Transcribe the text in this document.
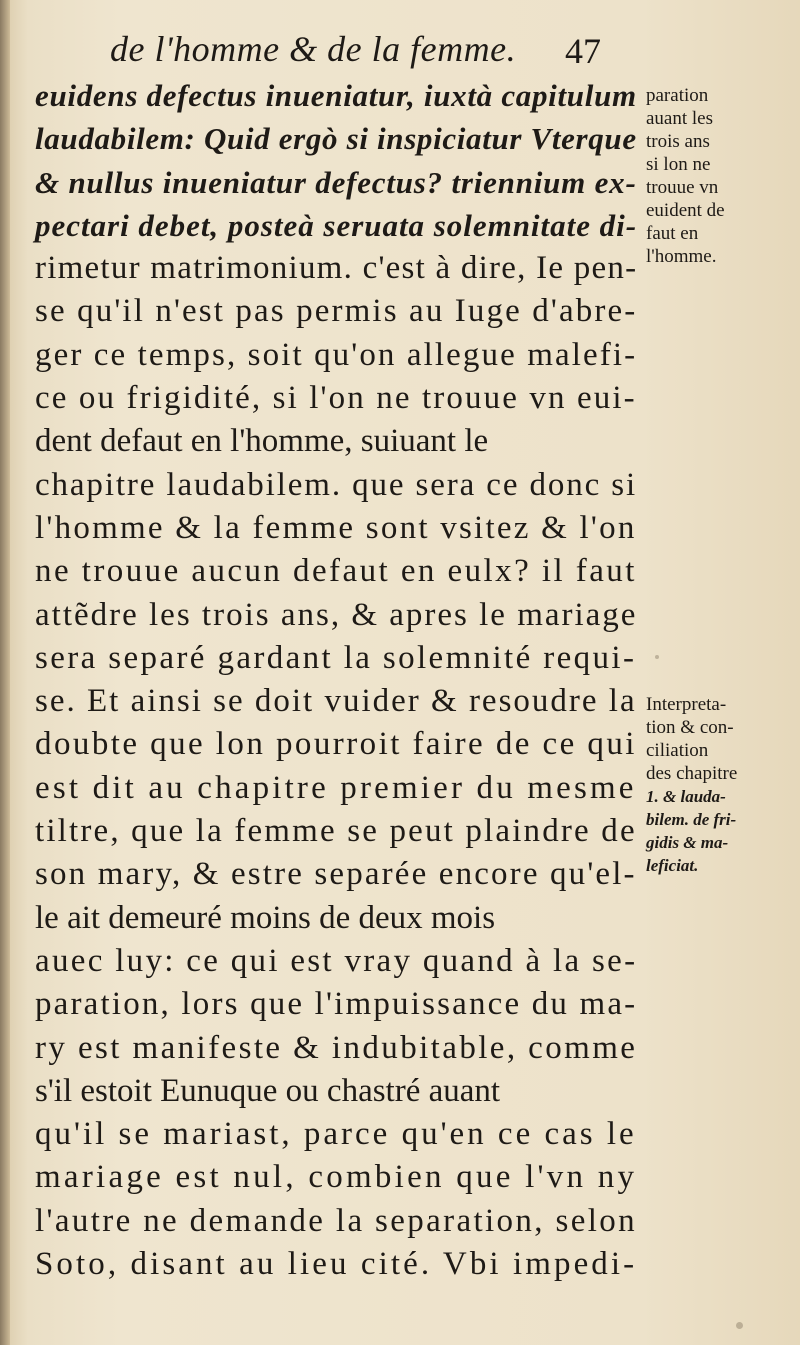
de l'homme & de la femme. 47
euidens defectus inueniatur, iuxtà capitulum
laudabilem: Quid ergò si inspiciatur Vterque
& nullus inueniatur defectus? triennium ex-
pectari debet, posteà seruata solemnitate di-
rimetur matrimonium. c'est à dire, Ie pen-
se qu'il n'est pas permis au Iuge d'abre-
ger ce temps, soit qu'on allegue malefi-
ce ou frigidité, si l'on ne trouue vn eui-
dent defaut en l'homme, suiuant le
chapitre laudabilem. que sera ce donc si
l'homme & la femme sont vsitez & l'on
ne trouue aucun defaut en eulx? il faut
attẽdre les trois ans, & apres le mariage
sera separé gardant la solemnité requi-
se. Et ainsi se doit vuider & resoudre la
doubte que lon pourroit faire de ce qui
est dit au chapitre premier du mesme
tiltre, que la femme se peut plaindre de
son mary, & estre separée encore qu'el-
le ait demeuré moins de deux mois
auec luy: ce qui est vray quand à la se-
paration, lors que l'impuissance du ma-
ry est manifeste & indubitable, comme
s'il estoit Eunuque ou chastré auant
qu'il se mariast, parce qu'en ce cas le
mariage est nul, combien que l'vn ny
l'autre ne demande la separation, selon
Soto, disant au lieu cité. Vbi impedi-
paration
auant les
trois ans
si lon ne
trouue vn
euident de
faut en
l'homme.
Interpreta-
tion & con-
ciliation
des chapitre
1. & lauda-
bilem. de fri-
gidis & ma-
leficiat.
